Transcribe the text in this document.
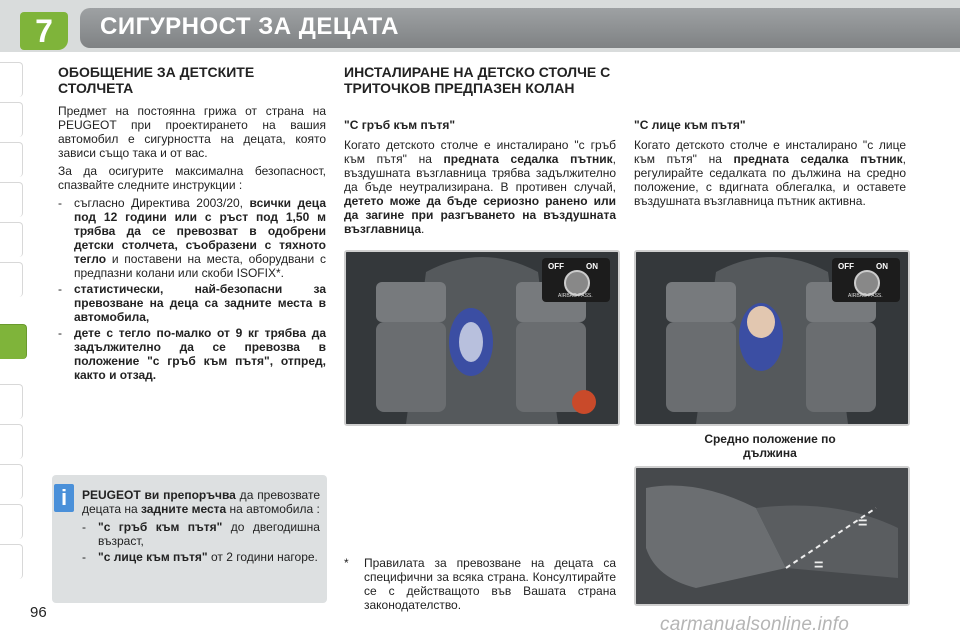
7	СИГУРНОСТ ЗА ДЕЦАТА
ОБОБЩЕНИЕ ЗА ДЕТСКИТЕ СТОЛЧЕТА

Предмет на постоянна грижа от страна на PEUGEOT при проектирането на вашия автомобил е сигурността на децата, която зависи също така и от вас.

За да осигурите максимална безопасност, спазвайте следните инструкции :

- съгласно Директива 2003/20, всички деца под 12 години или с ръст под 1,50 м трябва да се превозват в одобрени детски столчета, съобразени с тяхното тегло и поставени на места, оборудвани с предпазни колани или скоби ISOFIX*.
- статистически, най-безопасни за превозване на деца са задните места в автомобила,
- дете с тегло по-малко от 9 кг трябва да задължително да се превозва в положение "с гръб към пътя", отпред, както и отзад.
i	PEUGEOT ви препоръчва да превозвате децата на задните места на автомобила :

- "с гръб към пътя" до двегодишна възраст,
- "с лице към пътя" от 2 години нагоре.
ИНСТАЛИРАНЕ НА ДЕТСКО СТОЛЧЕ С ТРИТОЧКОВ ПРЕДПАЗЕН КОЛАН

"С гръб към пътя"

Когато детското столче е инсталирано "с гръб към пътя" на предната седалка пътник, въздушната възглавница трябва задължително да бъде неутрализирана. В противен случай, детето може да бъде сериозно ранено или да загине при разгъването на въздушната възглавница.

"С лице към пътя"

Когато детското столче е инсталирано "с лице към пътя" на предната седалка пътник, регулирайте седалката по дължина на средно положение, с вдигната облегалка, и оставете въздушната възглавница пътник активна.

OFF	ON
AIRBAG PASS.
OFF	ON
AIRBAG PASS.
Средно положение по дължина
=
=
* Правилата за превозване на децата са специфични за всяка страна. Консултирайте се с действащото във Вашата страна законодателство.
96
carmanualsonline.info
